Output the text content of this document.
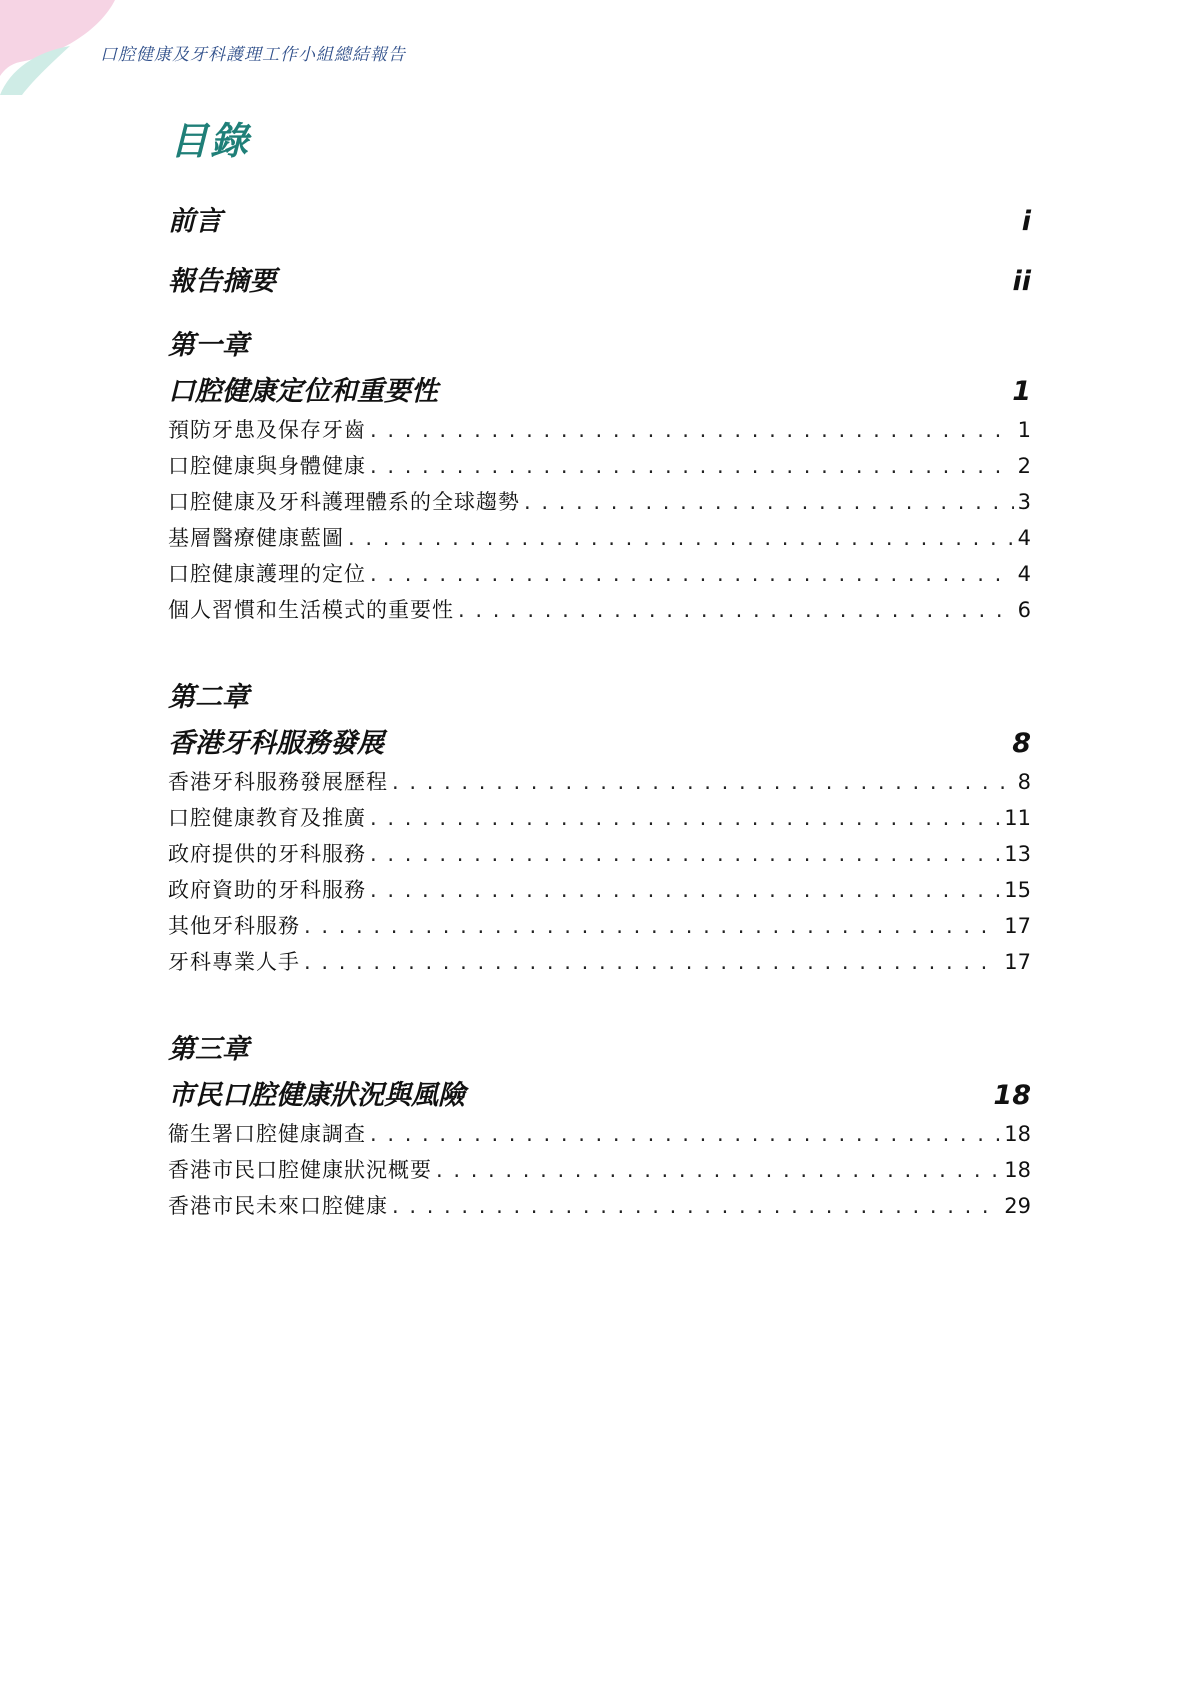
口腔健康及牙科護理工作小組總結報告
目錄
前言	i
報告摘要	ii
第一章
口腔健康定位和重要性	1
預防牙患及保存牙齒 . . .	1
口腔健康與身體健康 . . .	2
口腔健康及牙科護理體系的全球趨勢 . . .	3
基層醫療健康藍圖 . . .	4
口腔健康護理的定位 . . .	4
個人習慣和生活模式的重要性 . . .	6
第二章
香港牙科服務發展	8
香港牙科服務發展歷程 . . .	8
口腔健康教育及推廣 . . .	11
政府提供的牙科服務 . . .	13
政府資助的牙科服務 . . .	15
其他牙科服務 . . .	17
牙科專業人手 . . .	17
第三章
市民口腔健康狀況與風險	18
衞生署口腔健康調查 . . .	18
香港市民口腔健康狀況概要 . . .	18
香港市民未來口腔健康 . . .	29
